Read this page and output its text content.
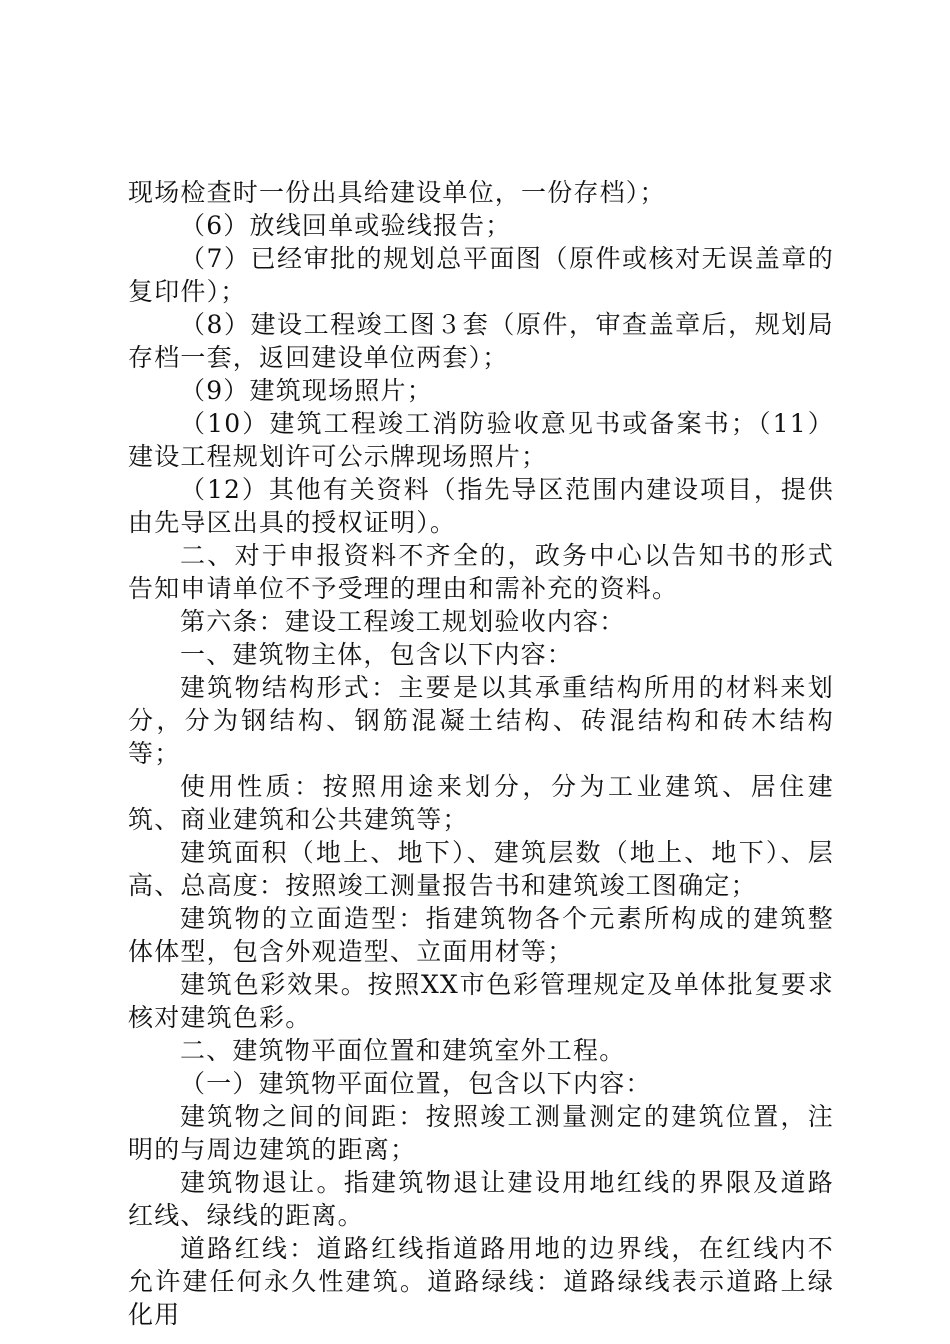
现场检查时一份出具给建设单位，一份存档）；

（6）放线回单或验线报告；

（7）已经审批的规划总平面图（原件或核对无误盖章的复印件）；

（8）建设工程竣工图３套（原件，审查盖章后，规划局存档一套，返回建设单位两套）；

（9）建筑现场照片；

（10）建筑工程竣工消防验收意见书或备案书；（11）建设工程规划许可公示牌现场照片；

（12）其他有关资料（指先导区范围内建设项目，提供由先导区出具的授权证明）。

二、对于申报资料不齐全的，政务中心以告知书的形式告知申请单位不予受理的理由和需补充的资料。

第六条：建设工程竣工规划验收内容：

一、建筑物主体，包含以下内容：

建筑物结构形式：主要是以其承重结构所用的材料来划分，分为钢结构、钢筋混凝土结构、砖混结构和砖木结构等；

使用性质：按照用途来划分，分为工业建筑、居住建筑、商业建筑和公共建筑等；

建筑面积（地上、地下）、建筑层数（地上、地下）、层高、总高度：按照竣工测量报告书和建筑竣工图确定；

建筑物的立面造型：指建筑物各个元素所构成的建筑整体体型，包含外观造型、立面用材等；

建筑色彩效果。按照XX市色彩管理规定及单体批复要求核对建筑色彩。

二、建筑物平面位置和建筑室外工程。

（一）建筑物平面位置，包含以下内容：

建筑物之间的间距：按照竣工测量测定的建筑位置，注明的与周边建筑的距离；

建筑物退让。指建筑物退让建设用地红线的界限及道路红线、绿线的距离。

道路红线：道路红线指道路用地的边界线，在红线内不允许建任何永久性建筑。道路绿线：道路绿线表示道路上绿化用
